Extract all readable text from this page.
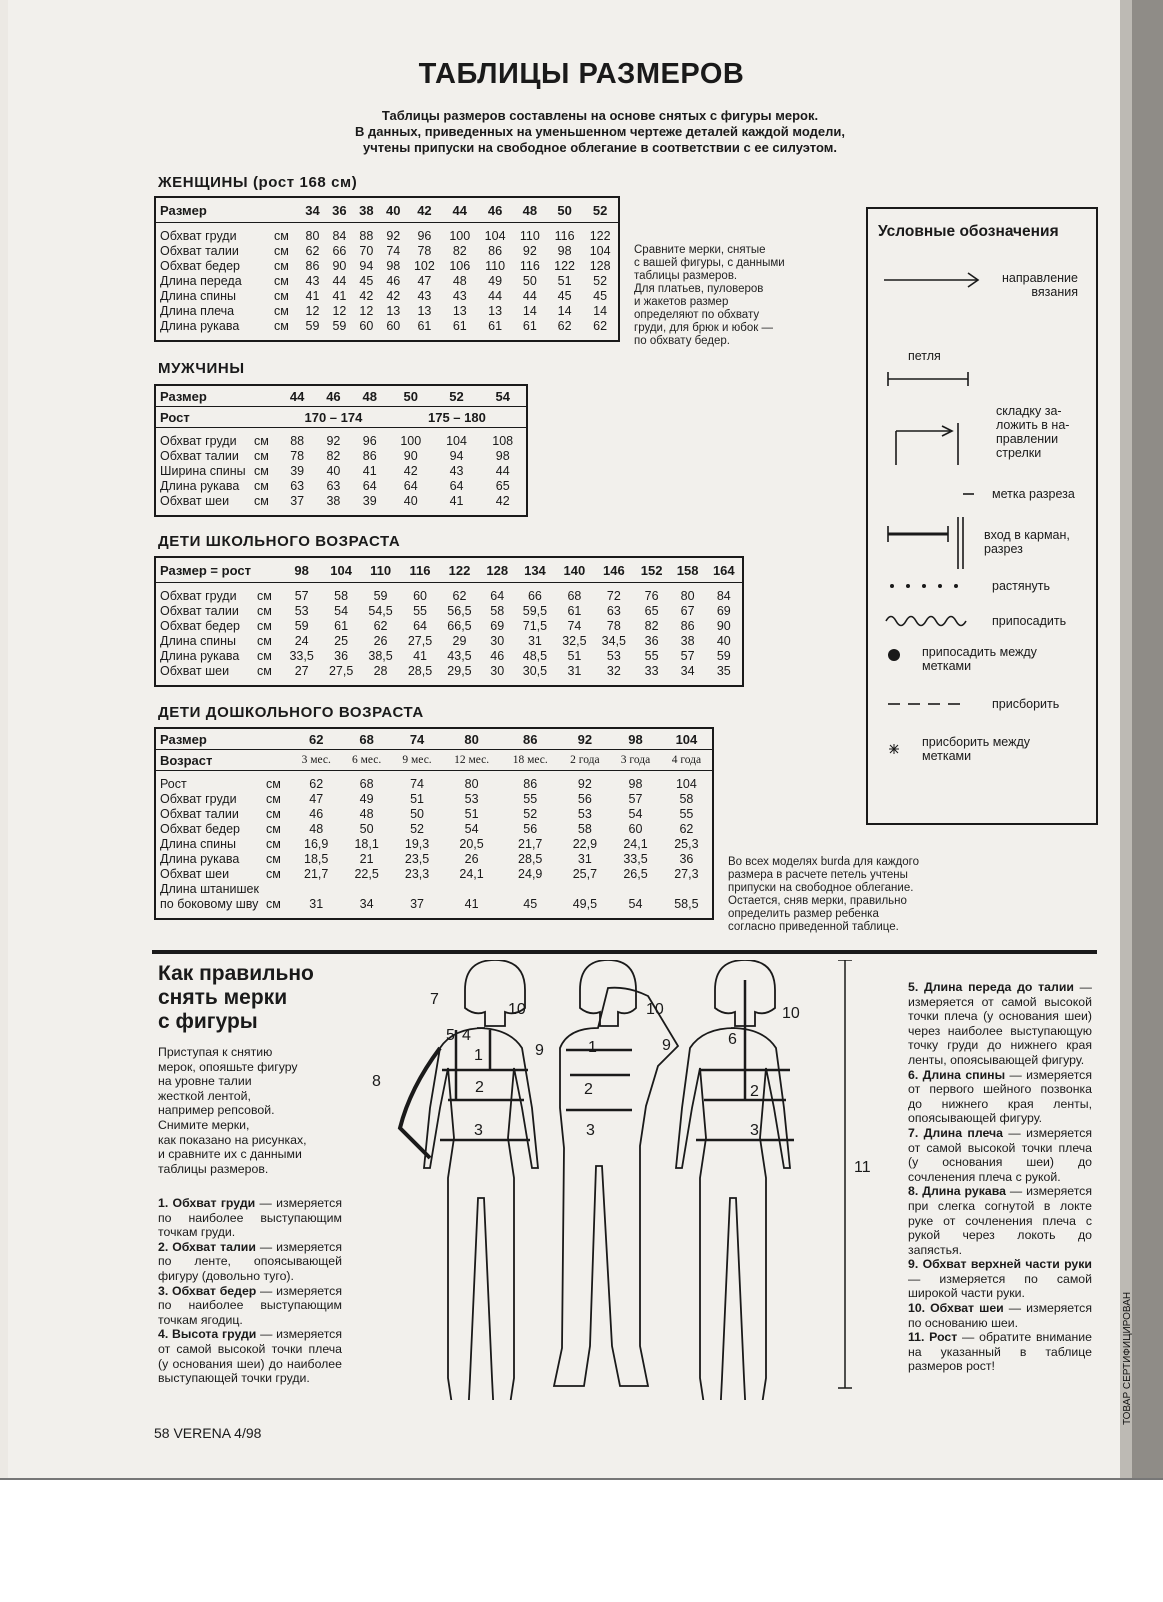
ТАБЛИЦЫ РАЗМЕРОВ
Таблицы размеров составлены на основе снятых с фигуры мерок.
В данных, приведенных на уменьшенном чертеже деталей каждой модели,
учтены припуски на свободное облегание в соответствии с ее силуэтом.
ЖЕНЩИНЫ (рост 168 см)
Размер		34	36	38	40	42	44	46	48	50	52

Обхват груди	см	80	84	88	92	96	100	104	110	116	122
Обхват талии	см	62	66	70	74	78	82	86	92	98	104
Обхват бедер	см	86	90	94	98	102	106	110	116	122	128
Длина переда	см	43	44	45	46	47	48	49	50	51	52
Длина спины	см	41	41	42	42	43	43	44	44	45	45
Длина плеча	см	12	12	12	13	13	13	13	14	14	14
Длина рукава	см	59	59	60	60	61	61	61	61	62	62

Сравните мерки, снятые
с вашей фигуры, с данными
таблицы размеров.
Для платьев, пуловеров
и жакетов размер
определяют по обхвату
груди, для брюк и юбок —
по обхвату бедер.
МУЖЧИНЫ
Размер		44	46	48	50	52	54
Рост		170 – 174			175 – 180		

Обхват груди	см	88	92	96	100	104	108
Обхват талии	см	78	82	86	90	94	98
Ширина спины	см	39	40	41	42	43	44
Длина рукава	см	63	63	64	64	64	65
Обхват шеи	см	37	38	39	40	41	42

ДЕТИ ШКОЛЬНОГО ВОЗРАСТА
Размер = рост		98	104	110	116	122	128	134	140	146	152	158	164

Обхват груди	см	57	58	59	60	62	64	66	68	72	76	80	84
Обхват талии	см	53	54	54,5	55	56,5	58	59,5	61	63	65	67	69
Обхват бедер	см	59	61	62	64	66,5	69	71,5	74	78	82	86	90
Длина спины	см	24	25	26	27,5	29	30	31	32,5	34,5	36	38	40
Длина рукава	см	33,5	36	38,5	41	43,5	46	48,5	51	53	55	57	59
Обхват шеи	см	27	27,5	28	28,5	29,5	30	30,5	31	32	33	34	35

ДЕТИ ДОШКОЛЬНОГО ВОЗРАСТА
Размер		62	68	74	80	86	92	98	104
Возраст		3 мес.	6 мес.	9 мес.	12 мес.	18 мес.	2 года	3 года	4 года

Рост	см	62	68	74	80	86	92	98	104
Обхват груди	см	47	49	51	53	55	56	57	58
Обхват талии	см	46	48	50	51	52	53	54	55
Обхват бедер	см	48	50	52	54	56	58	60	62
Длина спины	см	16,9	18,1	19,3	20,5	21,7	22,9	24,1	25,3
Длина рукава	см	18,5	21	23,5	26	28,5	31	33,5	36
Обхват шеи	см	21,7	22,5	23,3	24,1	24,9	25,7	26,5	27,3
Длина штанишек									
по боковому шву	см	31	34	37	41	45	49,5	54	58,5

Во всех моделях burda для каждого
размера в расчете петель учтены
припуски на свободное облегание.
Остается, сняв мерки, правильно
определить размер ребенка
согласно приведенной таблице.
Условные обозначения
направление
вязания
петля
складку за-
ложить в на-
правлении
стрелки
метка разреза
вход в карман,
разрез
растянуть
припосадить
припосадить между
метками
присборить
присборить между
метками
Как правильно
снять мерки
с фигуры
Приступая к снятию
мерок, опояшьте фигуру
на уровне талии
жесткой лентой,
например репсовой.
Снимите мерки,
как показано на рисунках,
и сравните их с данными
таблицы размеров.
1. Обхват груди — измеряется по наиболее выступающим точкам груди.
2. Обхват талии — измеряется по ленте, опоясывающей фигуру (довольно туго).
3. Обхват бедер — измеряется по наиболее выступающим точкам ягодиц.
4. Высота груди — измеряется от самой высокой точки плеча (у основания шеи) до наиболее выступающей точки груди.
5. Длина переда до талии — измеряется от самой высокой точки плеча (у основания шеи) через наиболее выступающую точку груди до нижнего края ленты, опоясывающей фигуру.
6. Длина спины — измеряется от первого шейного позвонка до нижнего края ленты, опоясывающей фигуру.
7. Длина плеча — измеряется от самой высокой точки плеча (у основания шеи) до сочленения плеча с рукой.
8. Длина рукава — измеряется при слегка согнутой в локте руке от сочленения плеча с рукой через локоть до запястья.
9. Обхват верхней части руки — измеряется по самой широкой части руки.
10. Обхват шеи — измеряется по основанию шеи.
11. Рост — обратите внимание на указанный в таблице размеров рост!
1
2
3
4
5
7
8
9
10
1
2
3
9
10
2
3
6
10
11
58 VERENA 4/98
ТОВАР СЕРТИФИЦИРОВАН
